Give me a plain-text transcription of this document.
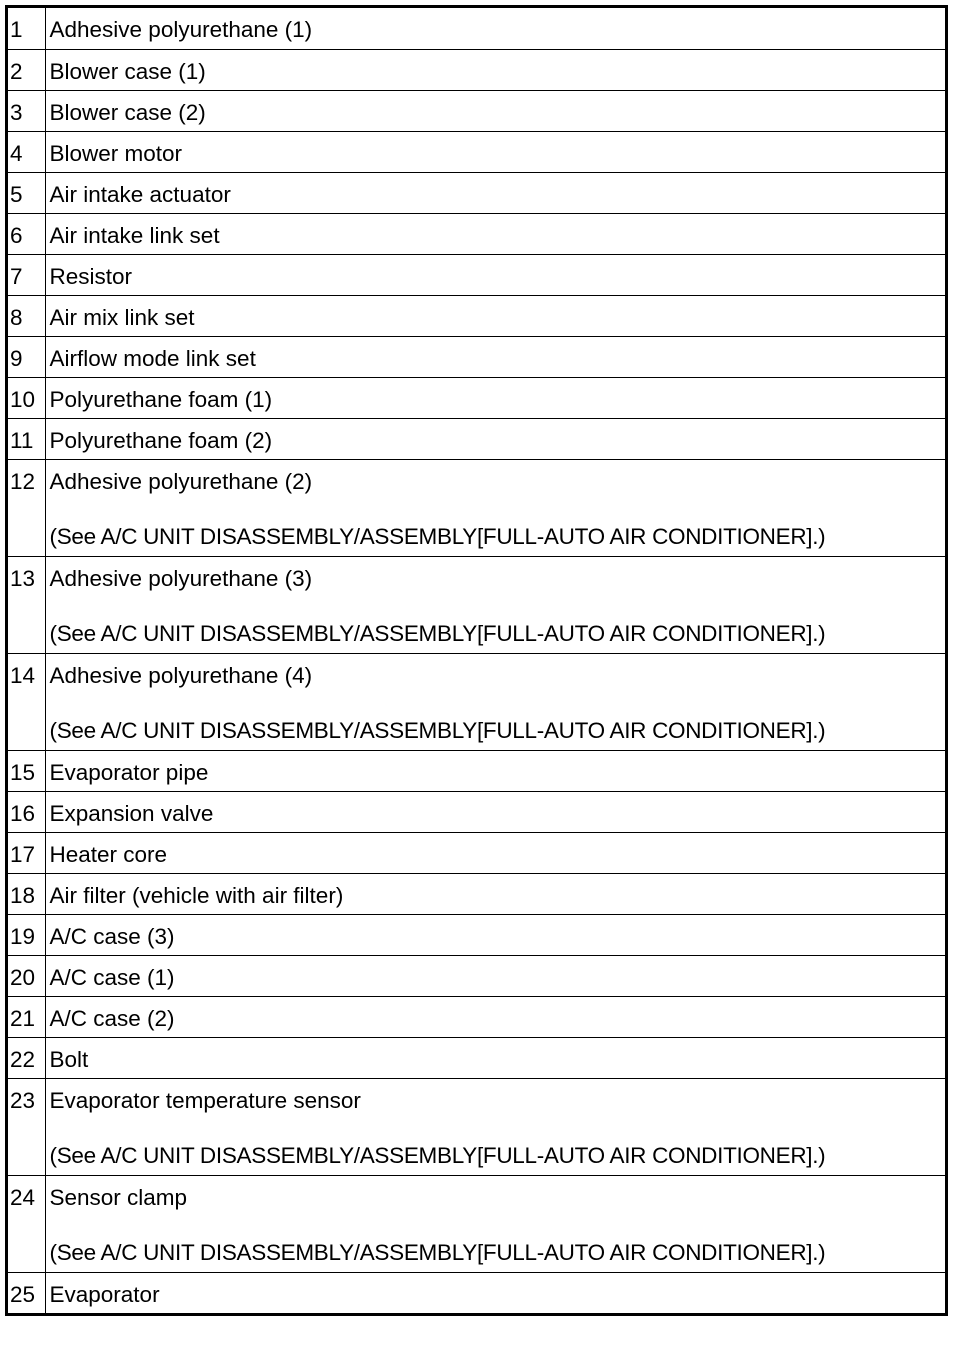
1	Adhesive polyurethane (1)

2	Blower case (1)

3	Blower case (2)

4	Blower motor

5	Air intake actuator

6	Air intake link set

7	Resistor

8	Air mix link set

9	Airflow mode link set

10	Polyurethane foam (1)

11	Polyurethane foam (2)

12	Adhesive polyurethane (2)
(See A/C UNIT DISASSEMBLY/ASSEMBLY[FULL-AUTO AIR CONDITIONER].)

13	Adhesive polyurethane (3)
(See A/C UNIT DISASSEMBLY/ASSEMBLY[FULL-AUTO AIR CONDITIONER].)

14	Adhesive polyurethane (4)
(See A/C UNIT DISASSEMBLY/ASSEMBLY[FULL-AUTO AIR CONDITIONER].)

15	Evaporator pipe

16	Expansion valve

17	Heater core

18	Air filter (vehicle with air filter)

19	A/C case (3)

20	A/C case (1)

21	A/C case (2)

22	Bolt

23	Evaporator temperature sensor
(See A/C UNIT DISASSEMBLY/ASSEMBLY[FULL-AUTO AIR CONDITIONER].)

24	Sensor clamp
(See A/C UNIT DISASSEMBLY/ASSEMBLY[FULL-AUTO AIR CONDITIONER].)

25	Evaporator
